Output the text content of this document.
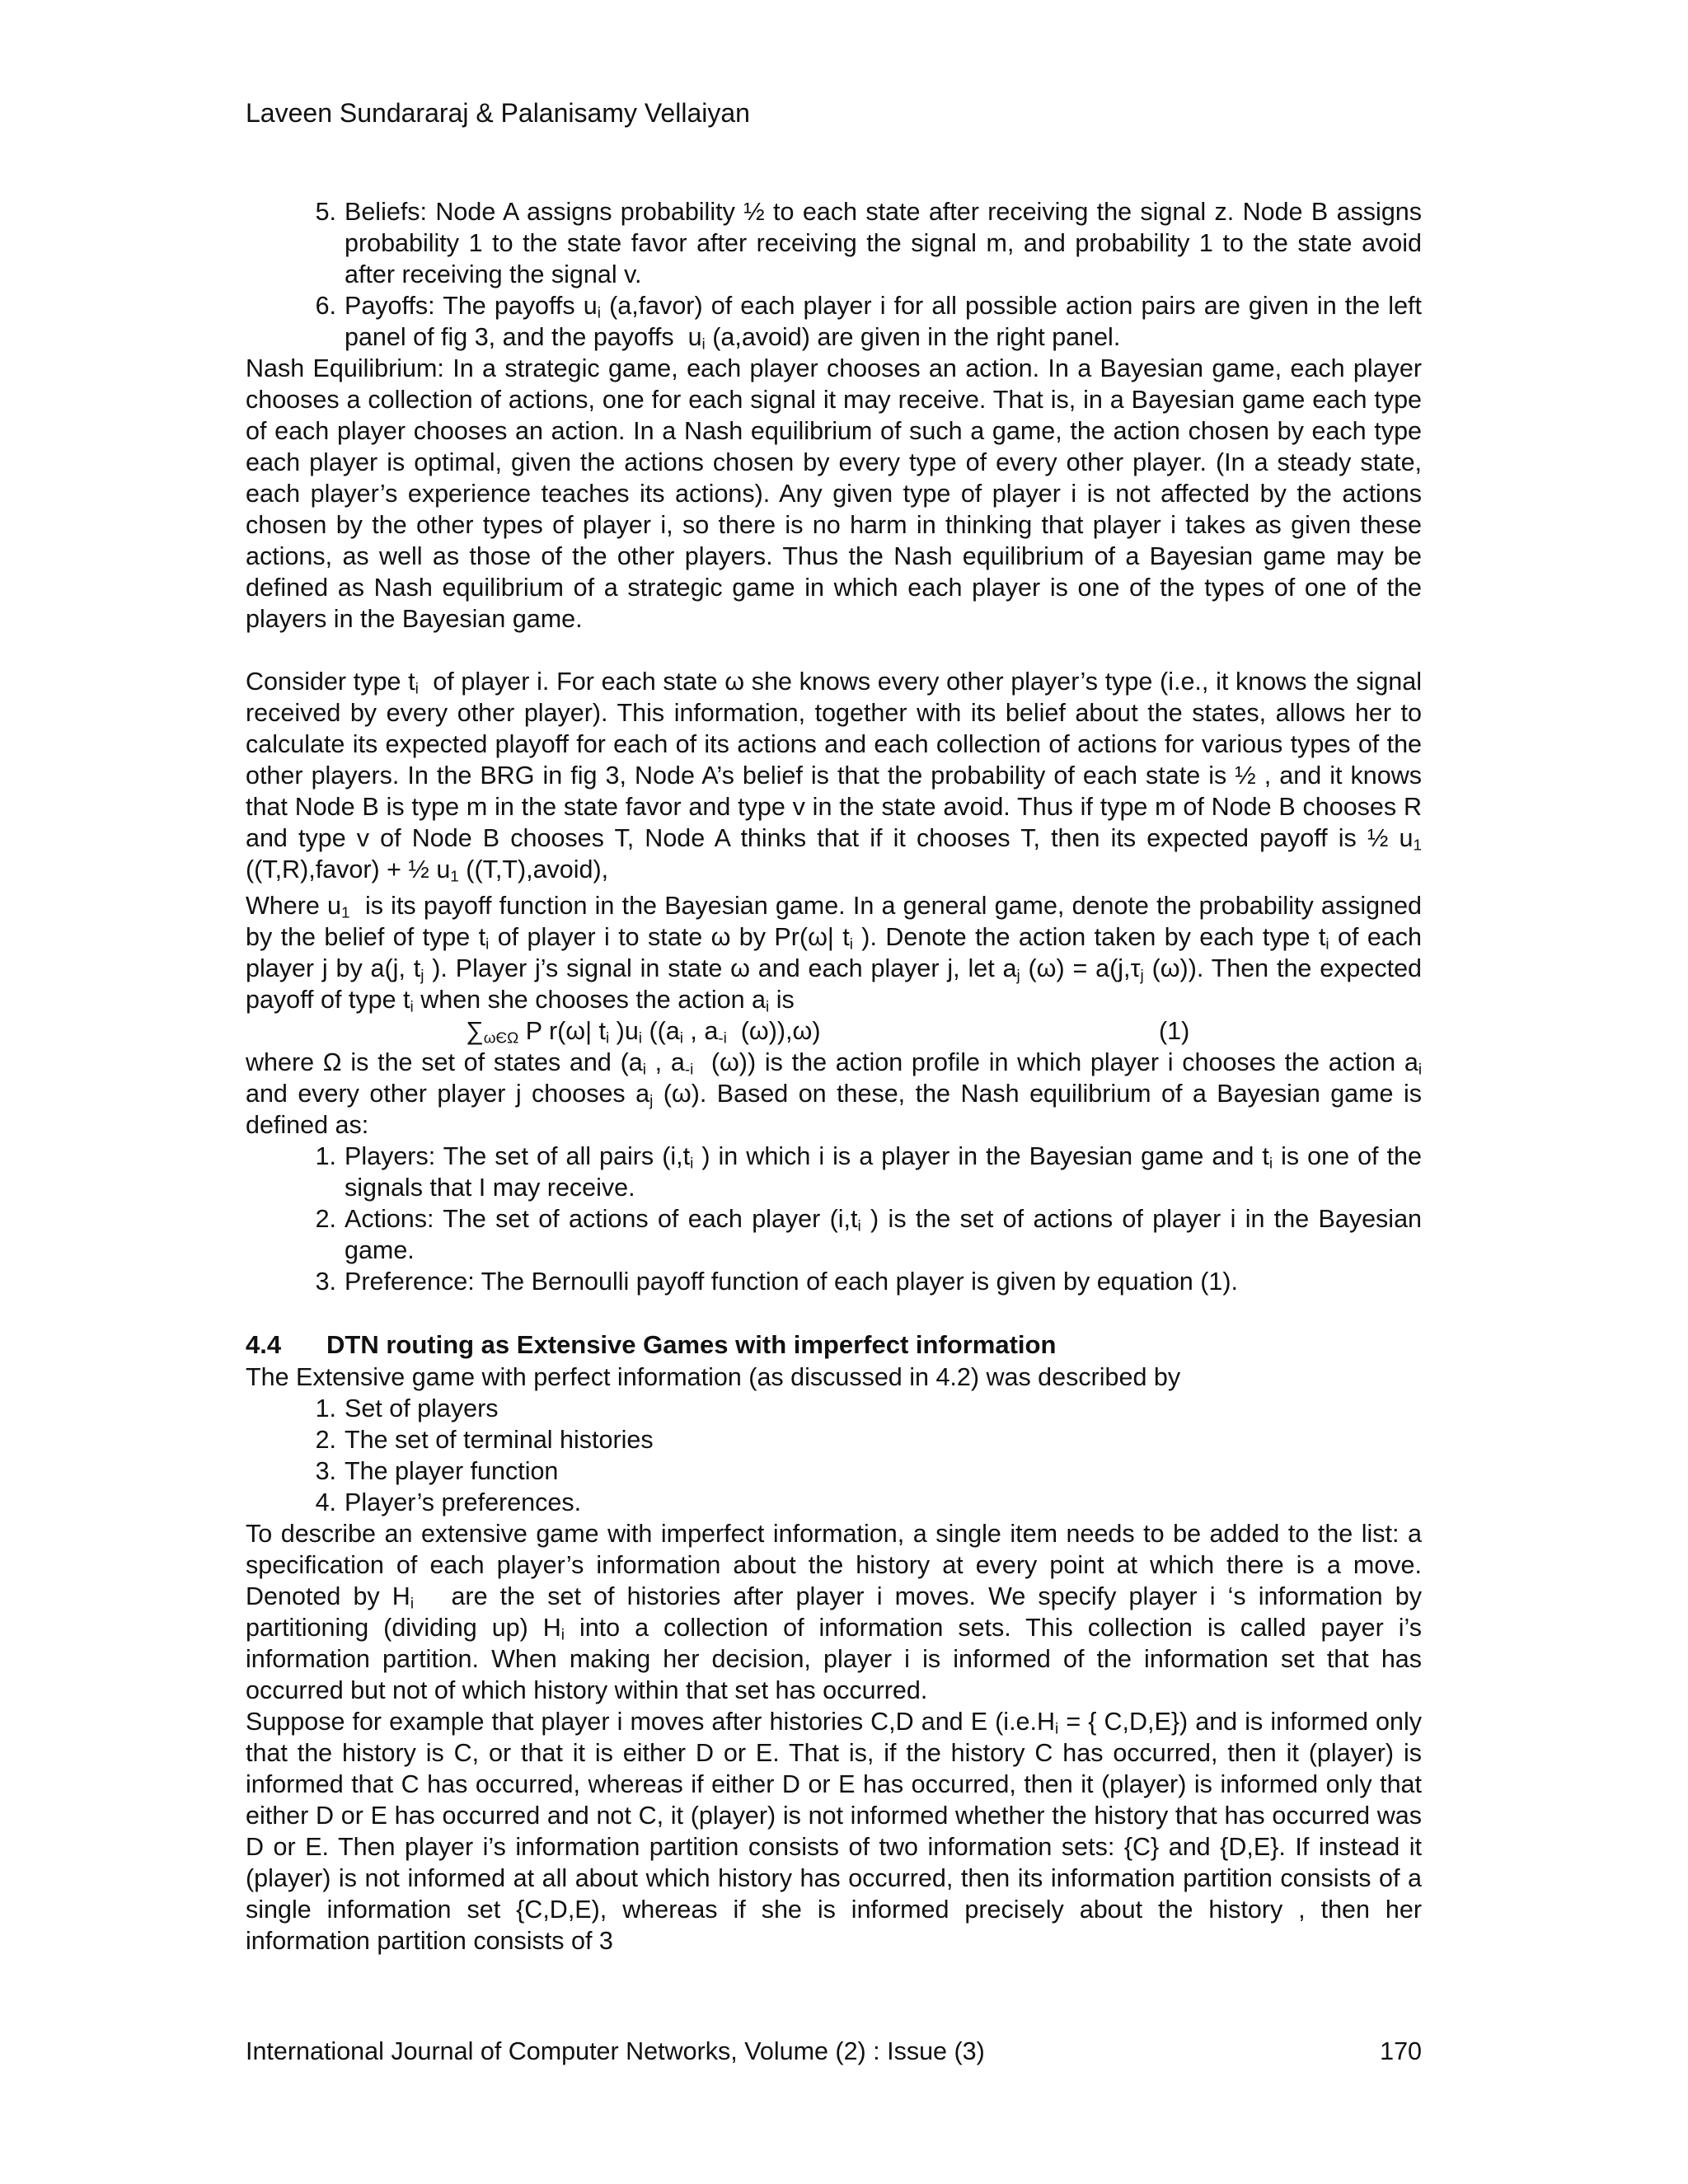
Laveen Sundararaj & Palanisamy Vellaiyan
5. Beliefs: Node A assigns probability ½ to each state after receiving the signal z. Node B assigns probability 1 to the state favor after receiving the signal m, and probability 1 to the state avoid after receiving the signal v.
6. Payoffs: The payoffs $u_i$ (a,favor) of each player i for all possible action pairs are given in the left panel of fig 3, and the payoffs  $u_i$ (a,avoid) are given in the right panel.
Nash Equilibrium: In a strategic game, each player chooses an action. In a Bayesian game, each player chooses a collection of actions, one for each signal it may receive. That is, in a Bayesian game each type of each player chooses an action. In a Nash equilibrium of such a game, the action chosen by each type each player is optimal, given the actions chosen by every type of every other player. (In a steady state, each player’s experience teaches its actions). Any given type of player i is not affected by the actions chosen by the other types of player i, so there is no harm in thinking that player i takes as given these actions, as well as those of the other players. Thus the Nash equilibrium of a Bayesian game may be defined as Nash equilibrium of a strategic game in which each player is one of the types of one of the players in the Bayesian game.
Consider type $t_i$  of player i. For each state ω she knows every other player’s type (i.e., it knows the signal received by every other player). This information, together with its belief about the states, allows her to calculate its expected playoff for each of its actions and each collection of actions for various types of the other players. In the BRG in fig 3, Node A’s belief is that the probability of each state is ½ , and it knows that Node B is type m in the state favor and type v in the state avoid. Thus if type m of Node B chooses R and type v of Node B chooses T, Node A thinks that if it chooses T, then its expected payoff is ½ $u_1$ ((T,R),favor) + ½ $u_1$ ((T,T),avoid),
Where $u_1$  is its payoff function in the Bayesian game. In a general game, denote the probability assigned by the belief of type $t_i$ of player i to state ω by Pr(ω| $t_i$ ). Denote the action taken by each type $t_i$ of each player j by a(j, $t_j$ ). Player j’s signal in state ω and each player j, let $a_j$ $(\omega) = a(j,\tau_j$ (ω)). Then the expected payoff of type $t_i$ when she chooses the action $a_i$ is
$\sum_{\omega Є\Omega}$ P r(ω| $t_i$ )$u_i$ (($a_i$ , $a_{-i}$  (ω)),ω)	(1)
where Ω is the set of states and ($a_i$ , $a_{-i}$  (ω)) is the action profile in which player i chooses the action $a_i$ and every other player j chooses $a_j$ (ω). Based on these, the Nash equilibrium of a Bayesian game is defined as:
1. Players: The set of all pairs ($i,t_i$ ) in which i is a player in the Bayesian game and $t_i$ is one of the signals that I may receive.
2. Actions: The set of actions of each player ($i,t_i$ ) is the set of actions of player i in the Bayesian game.
3. Preference: The Bernoulli payoff function of each player is given by equation (1).
4.4 DTN routing as Extensive Games with imperfect information
The Extensive game with perfect information (as discussed in 4.2) was described by
1. Set of players
2. The set of terminal histories
3. The player function
4. Player’s preferences.
To describe an extensive game with imperfect information, a single item needs to be added to the list: a specification of each player’s information about the history at every point at which there is a move. Denoted by $H_i$   are the set of histories after player i moves. We specify player i ‘s information by partitioning (dividing up) $H_i$ into a collection of information sets. This collection is called payer i’s information partition. When making her decision, player i is informed of the information set that has occurred but not of which history within that set has occurred.
Suppose for example that player i moves after histories C,D and E ($i.e.H_i$ = { C,D,E}) and is informed only that the history is C, or that it is either D or E. That is, if the history C has occurred, then it (player) is informed that C has occurred, whereas if either D or E has occurred, then it (player) is informed only that either D or E has occurred and not C, it (player) is not informed whether the history that has occurred was D or E. Then player i’s information partition consists of two information sets: {C} and {D,E}. If instead it (player) is not informed at all about which history has occurred, then its information partition consists of a single information set {C,D,E), whereas if she is informed precisely about the history , then her information partition consists of 3
International Journal of Computer Networks, Volume (2) : Issue (3)	170
